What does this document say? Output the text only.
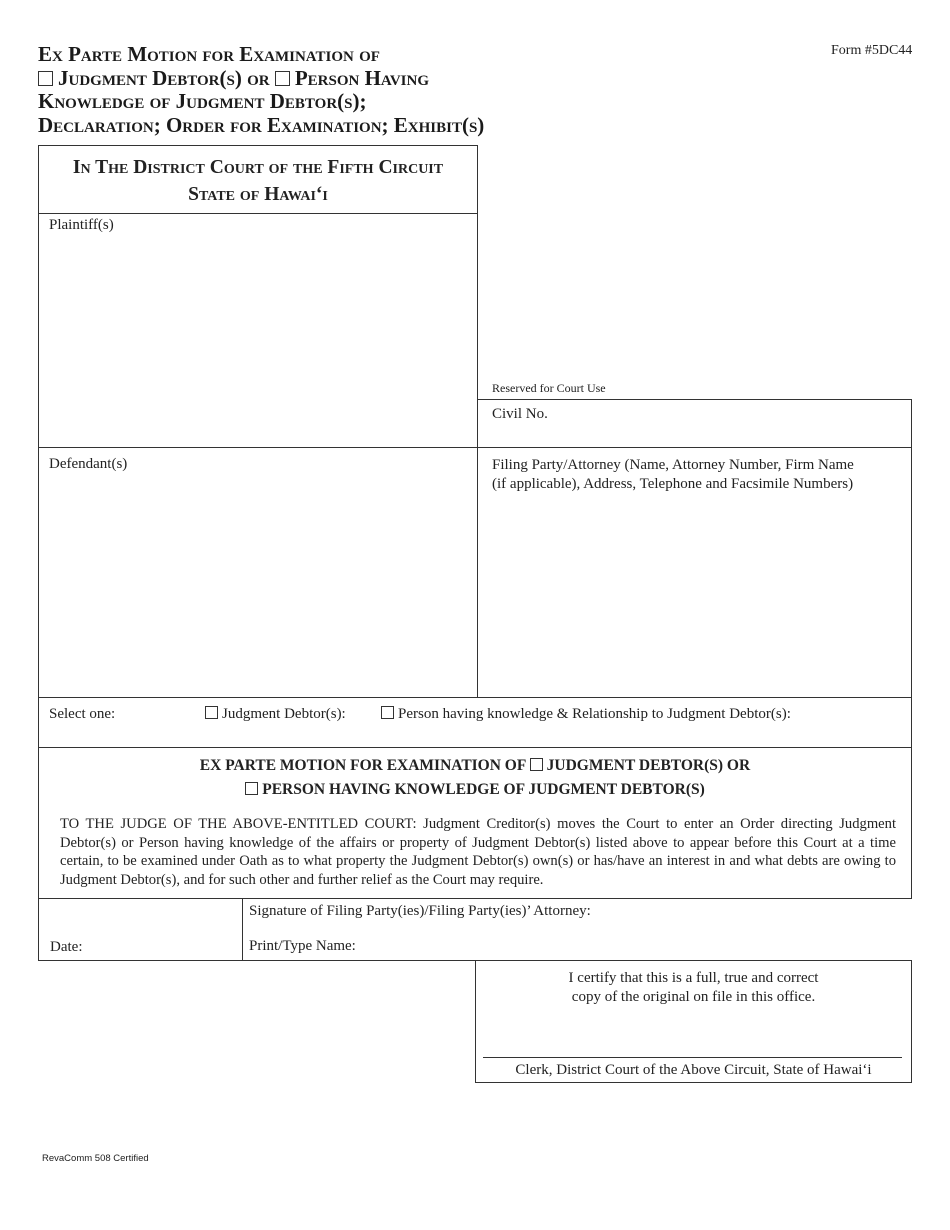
Form #5DC44
Ex Parte Motion for Examination of
Judgment Debtor(s) or Person Having
Knowledge of Judgment Debtor(s);
Declaration; Order for Examination; Exhibit(s)
In The District Court of the Fifth Circuit
State of Hawai‘i
Plaintiff(s)
Reserved for Court Use
Civil No.
Defendant(s)	Filing Party/Attorney (Name, Attorney Number, Firm Name
(if applicable), Address, Telephone and Facsimile Numbers)
Select one:	Judgment Debtor(s):	Person having knowledge & Relationship to Judgment Debtor(s):
EX PARTE MOTION FOR EXAMINATION OF JUDGMENT DEBTOR(S) OR
PERSON HAVING KNOWLEDGE OF JUDGMENT DEBTOR(S)
TO THE JUDGE OF THE ABOVE-ENTITLED COURT: Judgment Creditor(s) moves the Court to enter an Order directing Judgment Debtor(s) or Person having knowledge of the affairs or property of Judgment Debtor(s) listed above to appear before this Court at a time certain, to be examined under Oath as to what property the Judgment Debtor(s) own(s) or has/have an interest in and what debts are owing to Judgment Debtor(s), and for such other and further relief as the Court may require.
Date:
Signature of Filing Party(ies)/Filing Party(ies)’ Attorney:
Print/Type Name:
I certify that this is a full, true and correct
copy of the original on file in this office.
Clerk, District Court of the Above Circuit, State of Hawai‘i
RevaComm 508 Certified
